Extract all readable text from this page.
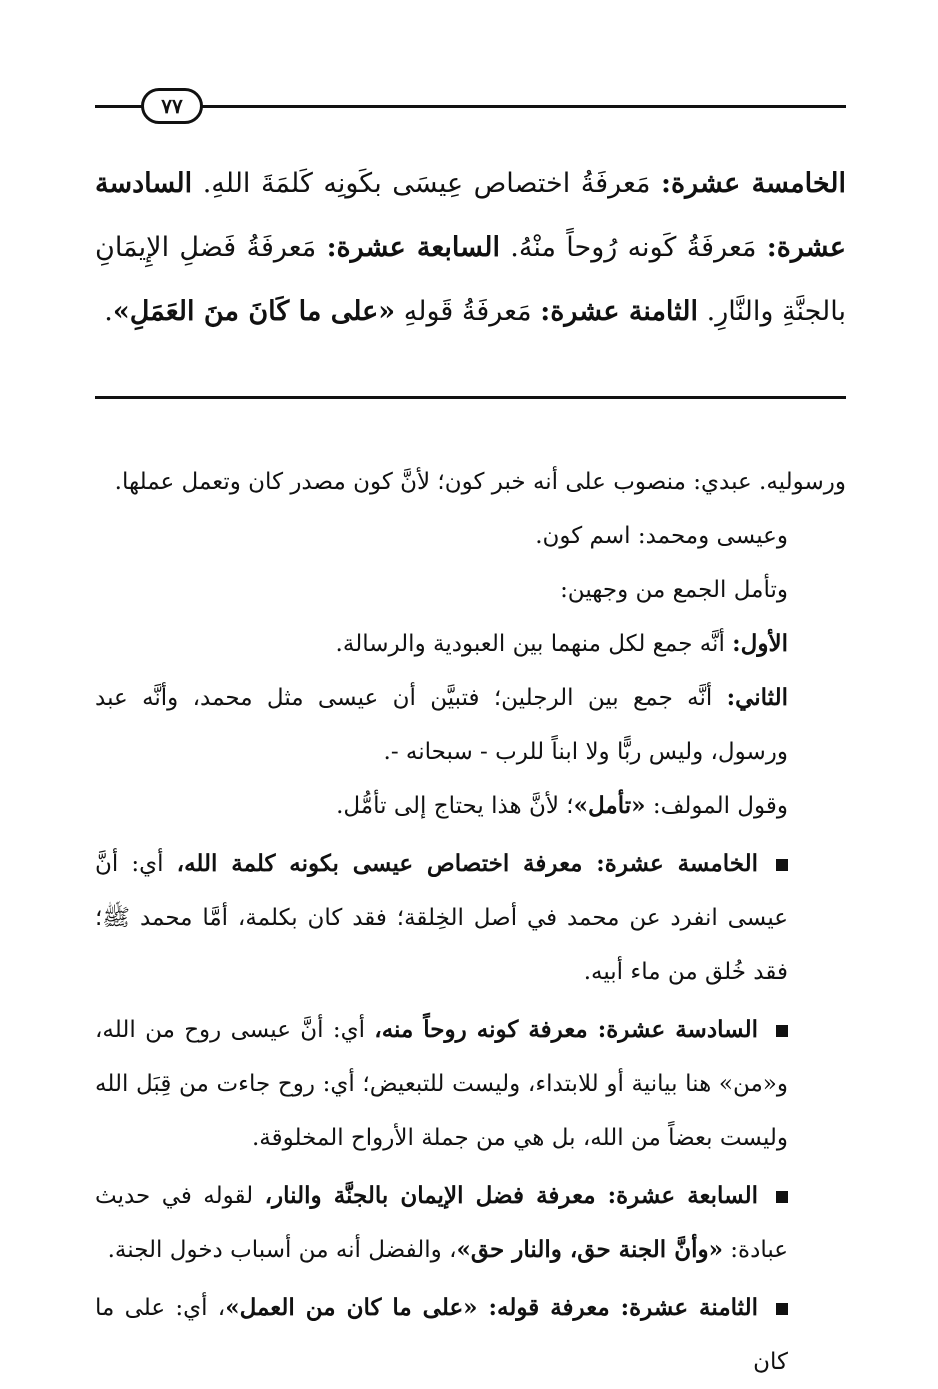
٧٧
الخامسة عشرة: مَعرفَةُ اختصاص عِيسَى بكَونِه كَلمَةَ اللهِ. السادسة عشرة: مَعرفَةُ كَونه رُوحاً منْهُ. السابعة عشرة: مَعرفَةُ فَضلِ الإِيمَانِ بالجنَّةِ والنَّارِ. الثامنة عشرة: مَعرفَةُ قَولهِ «على ما كَانَ منَ العَمَلِ».

ورسوليه. عبدي: منصوب على أنه خبر كون؛ لأنَّ كون مصدر كان وتعمل عملها.

وعيسى ومحمد: اسم كون.

وتأمل الجمع من وجهين:

الأول: أنَّه جمع لكل منهما بين العبودية والرسالة.

الثاني: أنَّه جمع بين الرجلين؛ فتبيَّن أن عيسى مثل محمد، وأنَّه عبد ورسول، وليس ربًّا ولا ابناً للرب - سبحانه -.

وقول المولف: «تأمل»؛ لأنَّ هذا يحتاج إلى تأمُّل.

الخامسة عشرة: معرفة اختصاص عيسى بكونه كلمة الله، أي: أنَّ عيسى انفرد عن محمد في أصل الخِلقة؛ فقد كان بكلمة، أمَّا محمد ﷺ؛ فقد خُلق من ماء أبيه.

السادسة عشرة: معرفة كونه روحاً منه، أي: أنَّ عيسى روح من الله، و«من» هنا بيانية أو للابتداء، وليست للتبعيض؛ أي: روح جاءت من قِبَل الله وليست بعضاً من الله، بل هي من جملة الأرواح المخلوقة.

السابعة عشرة: معرفة فضل الإيمان بالجنَّة والنار، لقوله في حديث عبادة: «وأنَّ الجنة حق، والنار حق»، والفضل أنه من أسباب دخول الجنة.

الثامنة عشرة: معرفة قوله: «على ما كان من العمل»، أي: على ما كان
